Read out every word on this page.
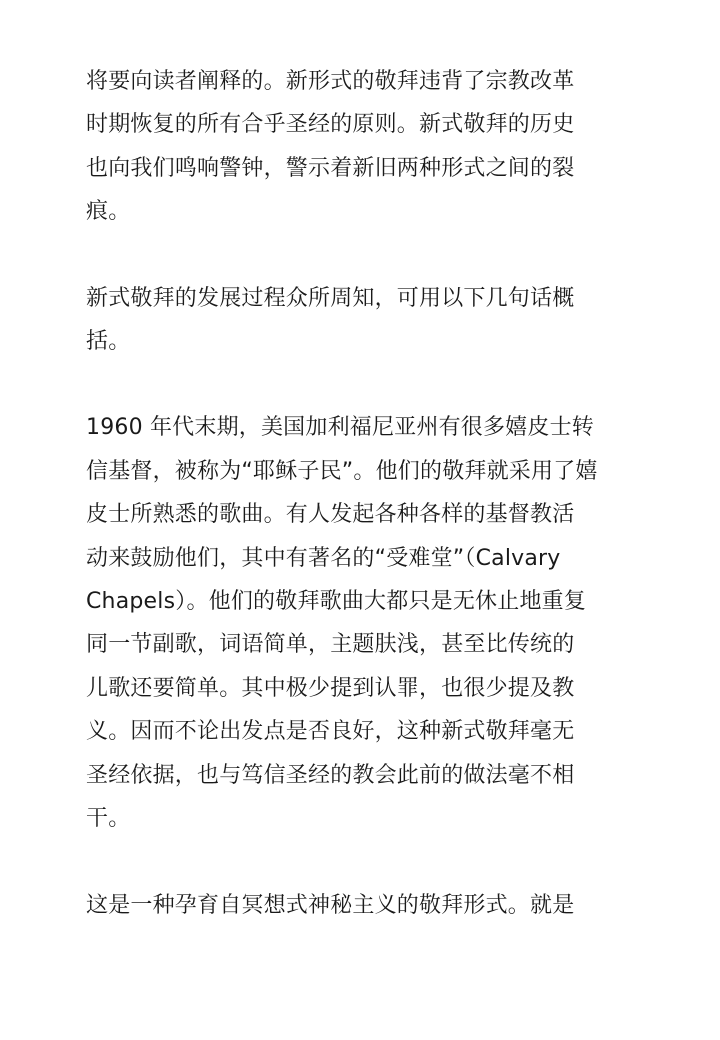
将要向读者阐释的。新形式的敬拜违背了宗教改革
时期恢复的所有合乎圣经的原则。新式敬拜的历史
也向我们鸣响警钟，警示着新旧两种形式之间的裂
痕。

新式敬拜的发展过程众所周知，可用以下几句话概
括。

1960 年代末期，美国加利福尼亚州有很多嬉皮士转
信基督，被称为“耶稣子民”。他们的敬拜就采用了嬉
皮士所熟悉的歌曲。有人发起各种各样的基督教活
动来鼓励他们，其中有著名的“受难堂”（Calvary
Chapels）。他们的敬拜歌曲大都只是无休止地重复
同一节副歌，词语简单，主题肤浅，甚至比传统的
儿歌还要简单。其中极少提到认罪，也很少提及教
义。因而不论出发点是否良好，这种新式敬拜毫无
圣经依据，也与笃信圣经的教会此前的做法毫不相
干。

这是一种孕育自冥想式神秘主义的敬拜形式。就是
